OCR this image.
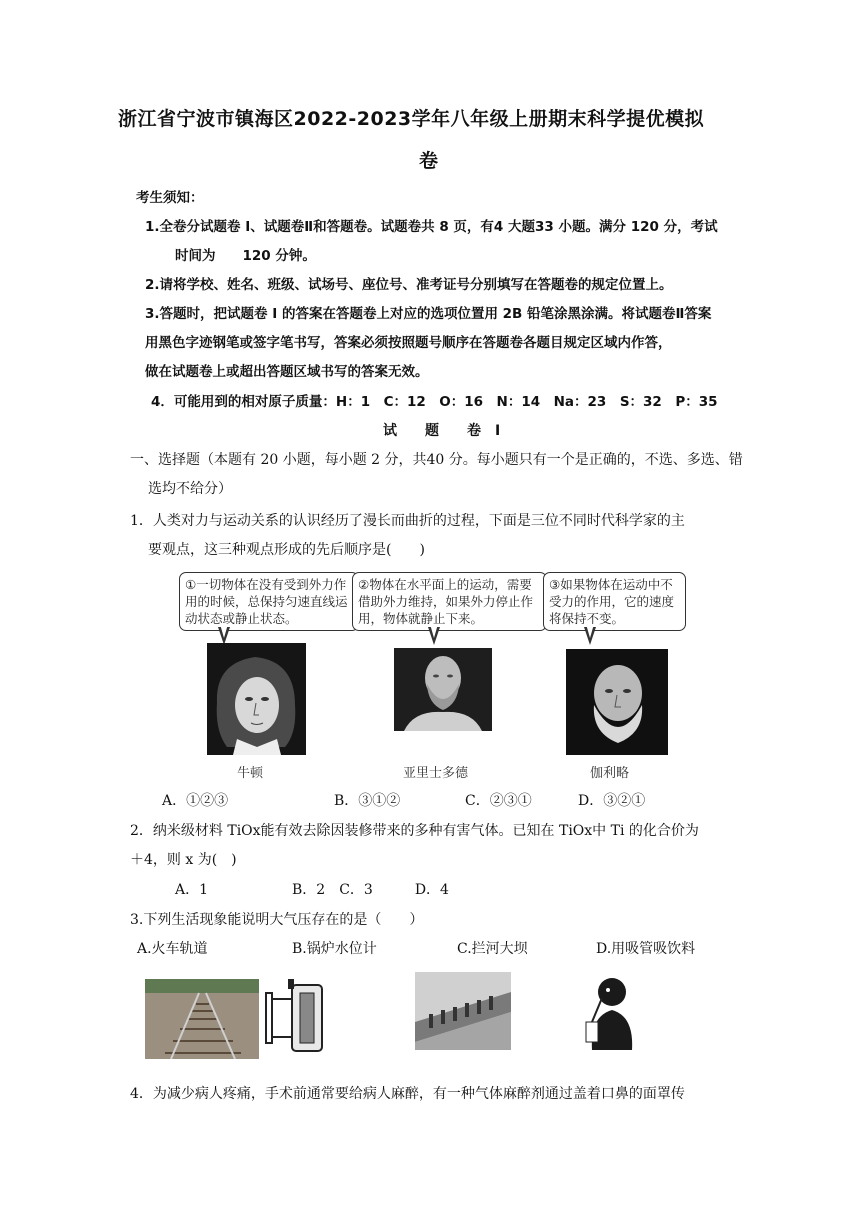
浙江省宁波市镇海区2022-2023学年八年级上册期末科学提优模拟
卷
考生须知：
1.全卷分试题卷 I、试题卷Ⅱ和答题卷。试题卷共 8 页，有4 大题33 小题。满分 120 分，考试
时间为　　120 分钟。
2.请将学校、姓名、班级、试场号、座位号、准考证号分别填写在答题卷的规定位置上。
3.答题时，把试题卷 I 的答案在答题卷上对应的选项位置用 2B 铅笔涂黑涂满。将试题卷Ⅱ答案
用黑色字迹钢笔或签字笔书写，答案必须按照题号顺序在答题卷各题目规定区域内作答，
做在试题卷上或超出答题区域书写的答案无效。
4．可能用到的相对原子质量：H：1　C：12　O：16　N：14　Na：23　S：32　P：35
试　　题　　卷　I
一、选择题（本题有 20 小题，每小题 2 分，共40 分。每小题只有一个是正确的，不选、多选、错
选均不给分）
1．人类对力与运动关系的认识经历了漫长而曲折的过程，下面是三位不同时代科学家的主
要观点，这三种观点形成的先后顺序是(　　)
①一切物体在没有受到外力作用的时候，总保持匀速直线运动状态或静止状态。
②物体在水平面上的运动，需要借助外力维持，如果外力停止作用，物体就静止下来。
③如果物体在运动中不受力的作用，它的速度将保持不变。
牛顿	亚里士多德	伽利略
A．①②③	B．③①②	C．②③①	D．③②①
2．纳米级材料 TiOx能有效去除因装修带来的多种有害气体。已知在 TiOx中 Ti 的化合价为
＋4，则 x 为(　)
A．1　　　　　　B．2　C．3　　　D．4
3.下列生活现象能说明大气压存在的是（　　）
A.火车轨道	B.锅炉水位计	C.拦河大坝	D.用吸管吸饮料
4．为减少病人疼痛，手术前通常要给病人麻醉，有一种气体麻醉剂通过盖着口鼻的面罩传
